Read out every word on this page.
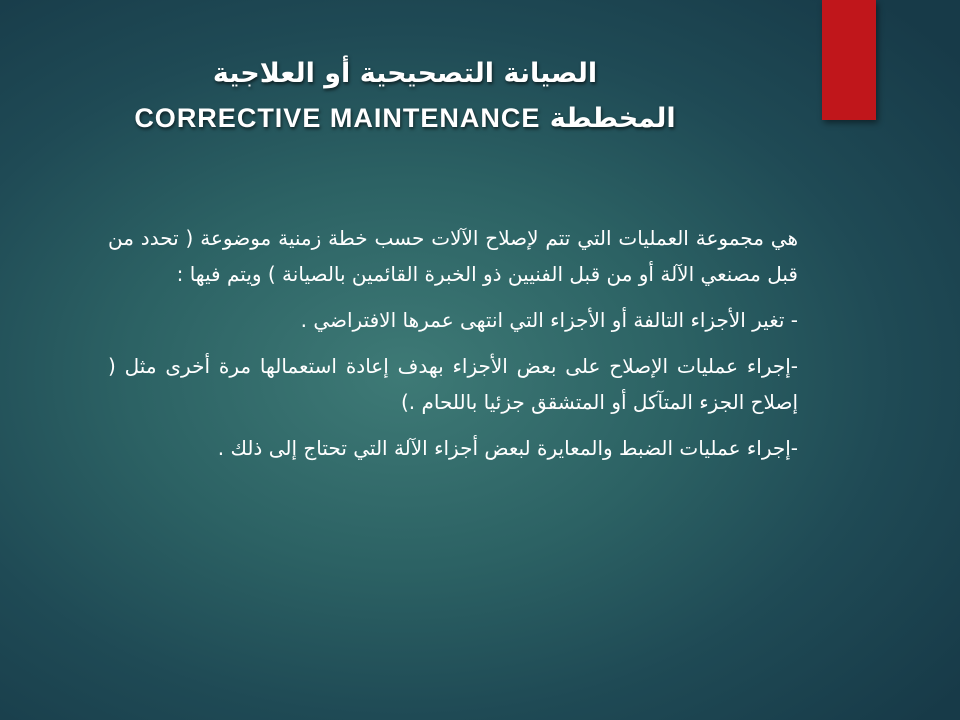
الصيانة التصحيحية أو العلاجية
المخططة CORRECTIVE MAINTENANCE

هي مجموعة العمليات التي تتم لإصلاح الآلات حسب خطة زمنية موضوعة ( تحدد من قبل مصنعي الآلة أو من قبل الفنيين ذو الخبرة القائمين بالصيانة ) ويتم فيها :

- تغير الأجزاء التالفة أو الأجزاء التي انتهى عمرها الافتراضي .

-إجراء عمليات الإصلاح على بعض الأجزاء بهدف إعادة استعمالها مرة أخرى مثل ( إصلاح الجزء المتآكل أو المتشقق جزئيا باللحام .)

-إجراء عمليات الضبط والمعايرة لبعض أجزاء الآلة التي تحتاج إلى ذلك .
